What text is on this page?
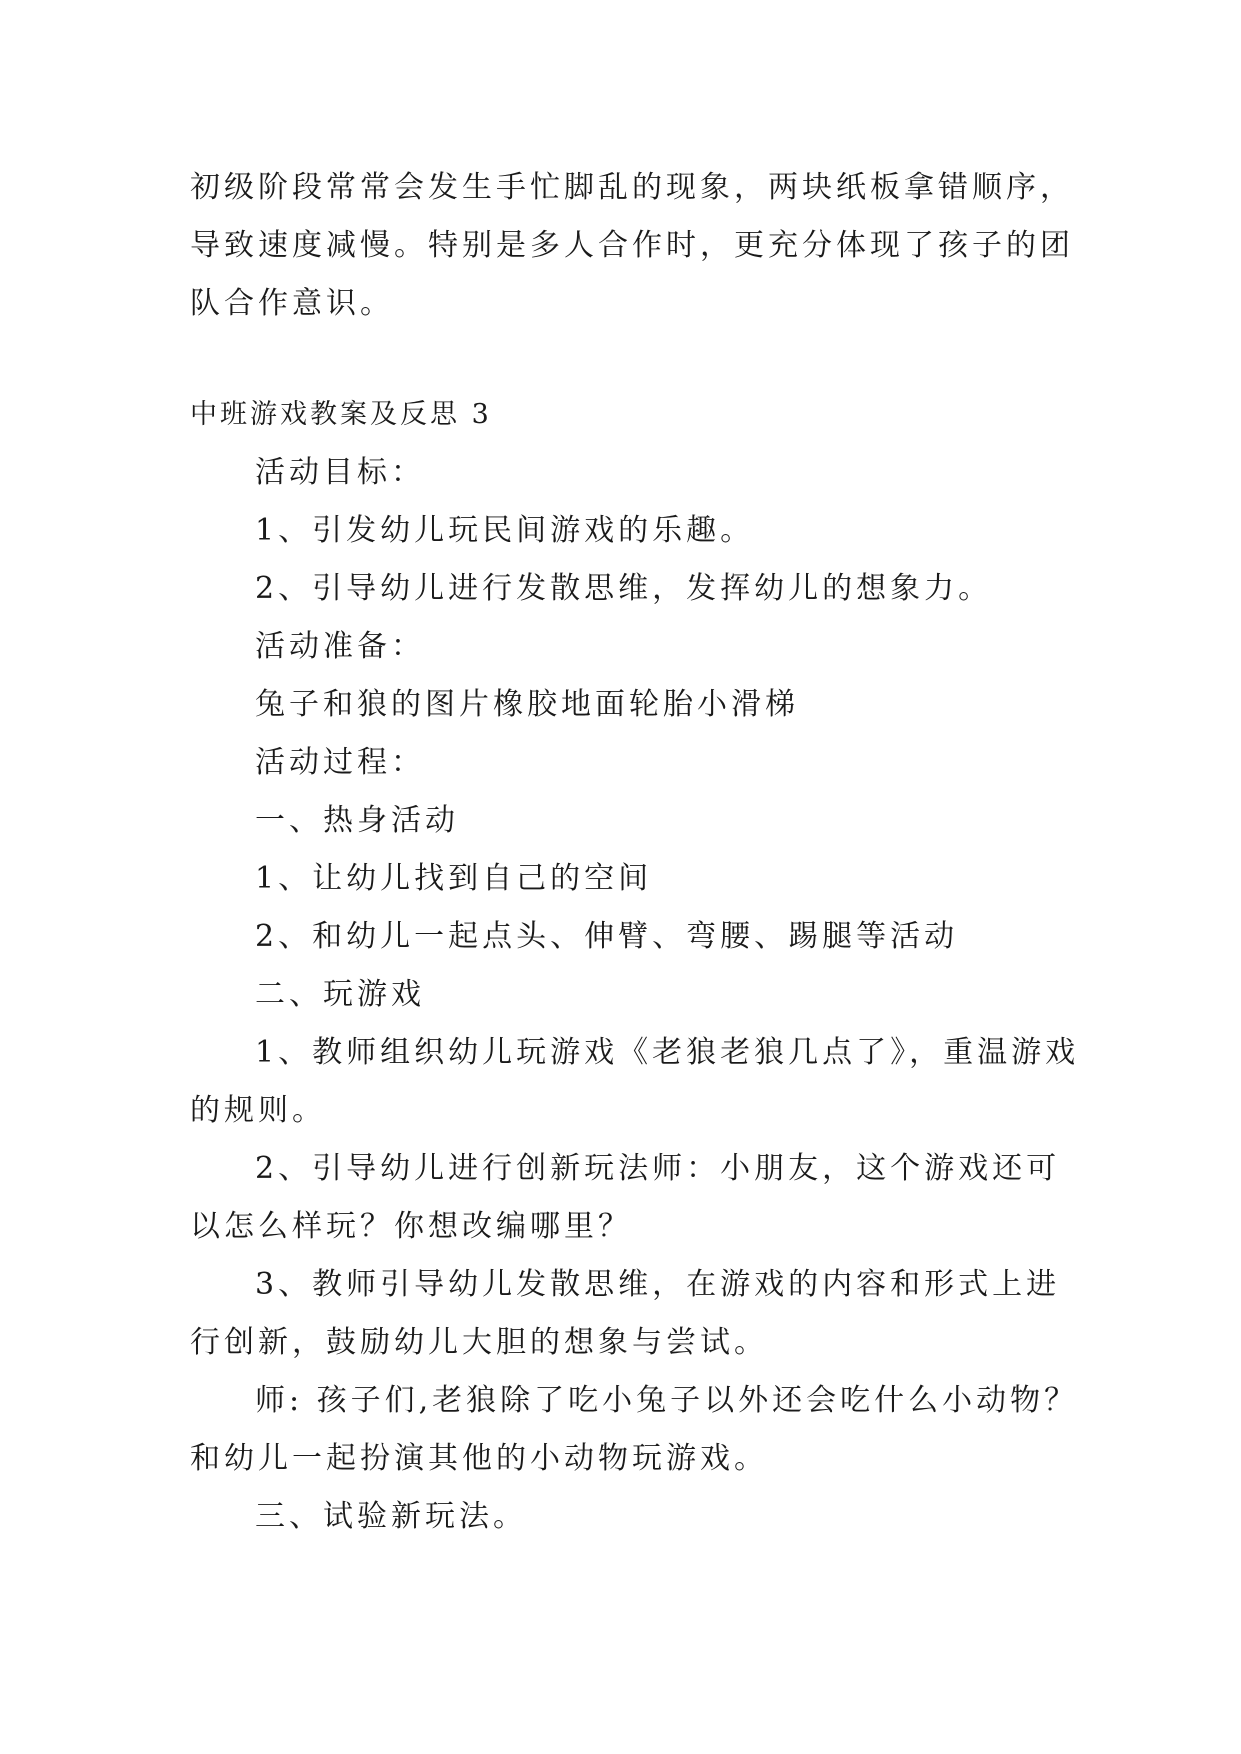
初级阶段常常会发生手忙脚乱的现象，两块纸板拿错顺序，
导致速度减慢。特别是多人合作时，更充分体现了孩子的团
队合作意识。
中班游戏教案及反思 3
活动目标：
1、引发幼儿玩民间游戏的乐趣。
2、引导幼儿进行发散思维，发挥幼儿的想象力。
活动准备：
兔子和狼的图片橡胶地面轮胎小滑梯
活动过程：
一、热身活动
1、让幼儿找到自己的空间
2、和幼儿一起点头、伸臂、弯腰、踢腿等活动
二、玩游戏
1、教师组织幼儿玩游戏《老狼老狼几点了》，重温游戏
的规则。
2、引导幼儿进行创新玩法师：小朋友，这个游戏还可
以怎么样玩？你想改编哪里？
3、教师引导幼儿发散思维，在游戏的内容和形式上进
行创新，鼓励幼儿大胆的想象与尝试。
师: 孩子们,老狼除了吃小兔子以外还会吃什么小动物？
和幼儿一起扮演其他的小动物玩游戏。
三、试验新玩法。
